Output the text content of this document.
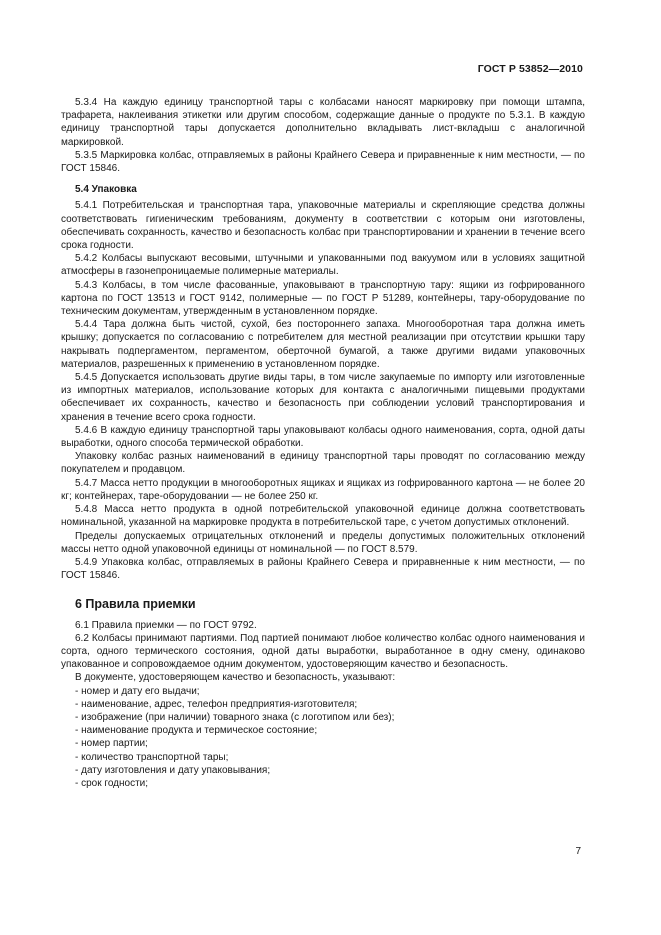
ГОСТ Р 53852—2010

5.3.4 На каждую единицу транспортной тары с колбасами наносят маркировку при помощи штампа, трафарета, наклеивания этикетки или другим способом, содержащие данные о продукте по 5.3.1. В каждую единицу транспортной тары допускается дополнительно вкладывать лист-вкладыш с аналогичной маркировкой.

5.3.5 Маркировка колбас, отправляемых в районы Крайнего Севера и приравненные к ним местности, — по ГОСТ 15846.

5.4 Упаковка

5.4.1 Потребительская и транспортная тара, упаковочные материалы и скрепляющие средства должны соответствовать гигиеническим требованиям, документу в соответствии с которым они изготовлены, обеспечивать сохранность, качество и безопасность колбас при транспортировании и хранении в течение всего срока годности.

5.4.2 Колбасы выпускают весовыми, штучными и упакованными под вакуумом или в условиях защитной атмосферы в газонепроницаемые полимерные материалы.

5.4.3 Колбасы, в том числе фасованные, упаковывают в транспортную тару: ящики из гофрированного картона по ГОСТ 13513 и ГОСТ 9142, полимерные — по ГОСТ Р 51289, контейнеры, тару-оборудование по техническим документам, утвержденным в установленном порядке.

5.4.4 Тара должна быть чистой, сухой, без постороннего запаха. Многооборотная тара должна иметь крышку; допускается по согласованию с потребителем для местной реализации при отсутствии крышки тару накрывать подпергаментом, пергаментом, оберточной бумагой, а также другими видами упаковочных материалов, разрешенных к применению в установленном порядке.

5.4.5 Допускается использовать другие виды тары, в том числе закупаемые по импорту или изготовленные из импортных материалов, использование которых для контакта с аналогичными пищевыми продуктами обеспечивает их сохранность, качество и безопасность при соблюдении условий транспортирования и хранения в течение всего срока годности.

5.4.6 В каждую единицу транспортной тары упаковывают колбасы одного наименования, сорта, одной даты выработки, одного способа термической обработки.

Упаковку колбас разных наименований в единицу транспортной тары проводят по согласованию между покупателем и продавцом.

5.4.7 Масса нетто продукции в многооборотных ящиках и ящиках из гофрированного картона — не более 20 кг; контейнерах, таре-оборудовании — не более 250 кг.

5.4.8 Масса нетто продукта в одной потребительской упаковочной единице должна соответствовать номинальной, указанной на маркировке продукта в потребительской таре, с учетом допустимых отклонений.

Пределы допускаемых отрицательных отклонений и пределы допустимых положительных отклонений массы нетто одной упаковочной единицы от номинальной — по ГОСТ 8.579.

5.4.9 Упаковка колбас, отправляемых в районы Крайнего Севера и приравненные к ним местности, — по ГОСТ 15846.

6 Правила приемки

6.1 Правила приемки — по ГОСТ 9792.

6.2 Колбасы принимают партиями. Под партией понимают любое количество колбас одного наименования и сорта, одного термического состояния, одной даты выработки, выработанное в одну смену, одинаково упакованное и сопровождаемое одним документом, удостоверяющим качество и безопасность.

В документе, удостоверяющем качество и безопасность, указывают:

- номер и дату его выдачи;
- наименование, адрес, телефон предприятия-изготовителя;
- изображение (при наличии) товарного знака (с логотипом или без);
- наименование продукта и термическое состояние;
- номер партии;
- количество транспортной тары;
- дату изготовления и дату упаковывания;
- срок годности;
7
